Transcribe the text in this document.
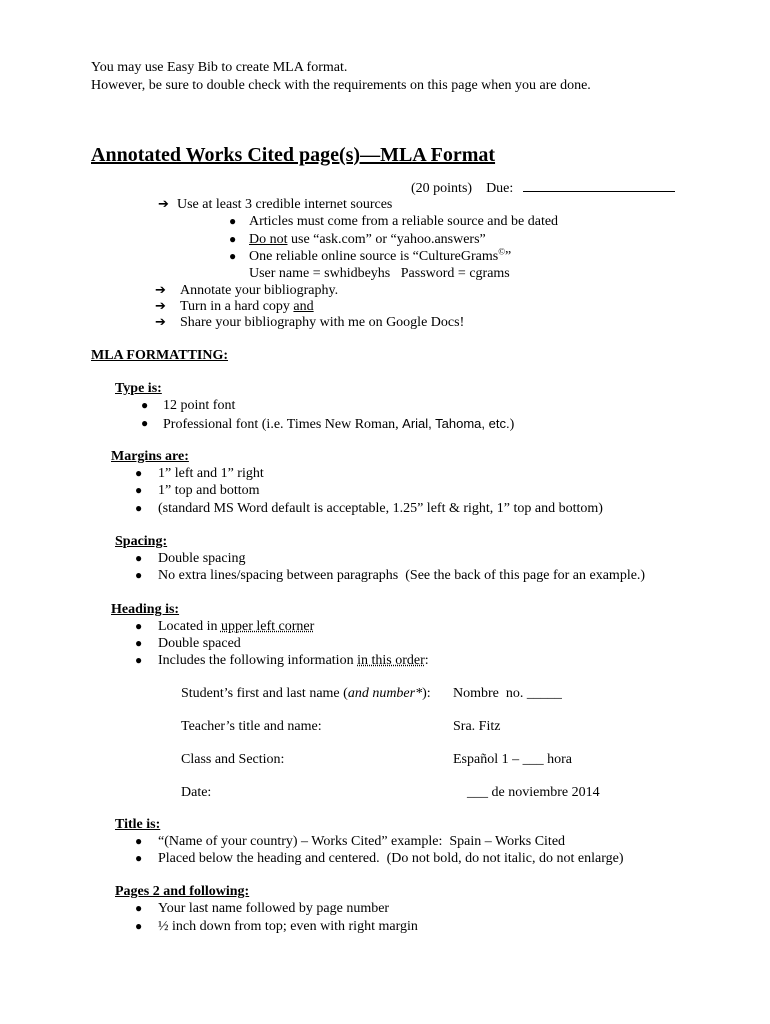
You may use Easy Bib to create MLA format.
However, be sure to double check with the requirements on this page when you are done.
Annotated Works Cited page(s)—MLA Format
(20 points) Due:
➔ Use at least 3 credible internet sources
● Articles must come from a reliable source and be dated
● Do not use “ask.com” or “yahoo.answers”
● One reliable online source is “CultureGrams©”
User name = swhidbeyhs   Password = cgrams
➔ Annotate your bibliography.
➔ Turn in a hard copy and
➔ Share your bibliography with me on Google Docs!
MLA FORMATTING:
Type is:
● 12 point font
● Professional font (i.e. Times New Roman, Arial, Tahoma, etc.)
Margins are:
● 1” left and 1” right
● 1” top and bottom
● (standard MS Word default is acceptable, 1.25” left & right, 1” top and bottom)
Spacing:
● Double spacing
● No extra lines/spacing between paragraphs  (See the back of this page for an example.)
Heading is:
● Located in upper left corner
● Double spaced
● Includes the following information in this order:
Student’s first and last name (and number*): Nombre  no. _____
Teacher’s title and name:	Sra. Fitz
Class and Section:	Español 1 – ___ hora
Date:	___ de noviembre 2014
Title is:
● “(Name of your country) – Works Cited” example:  Spain – Works Cited
● Placed below the heading and centered.  (Do not bold, do not italic, do not enlarge)
Pages 2 and following:
● Your last name followed by page number
● ½ inch down from top; even with right margin
